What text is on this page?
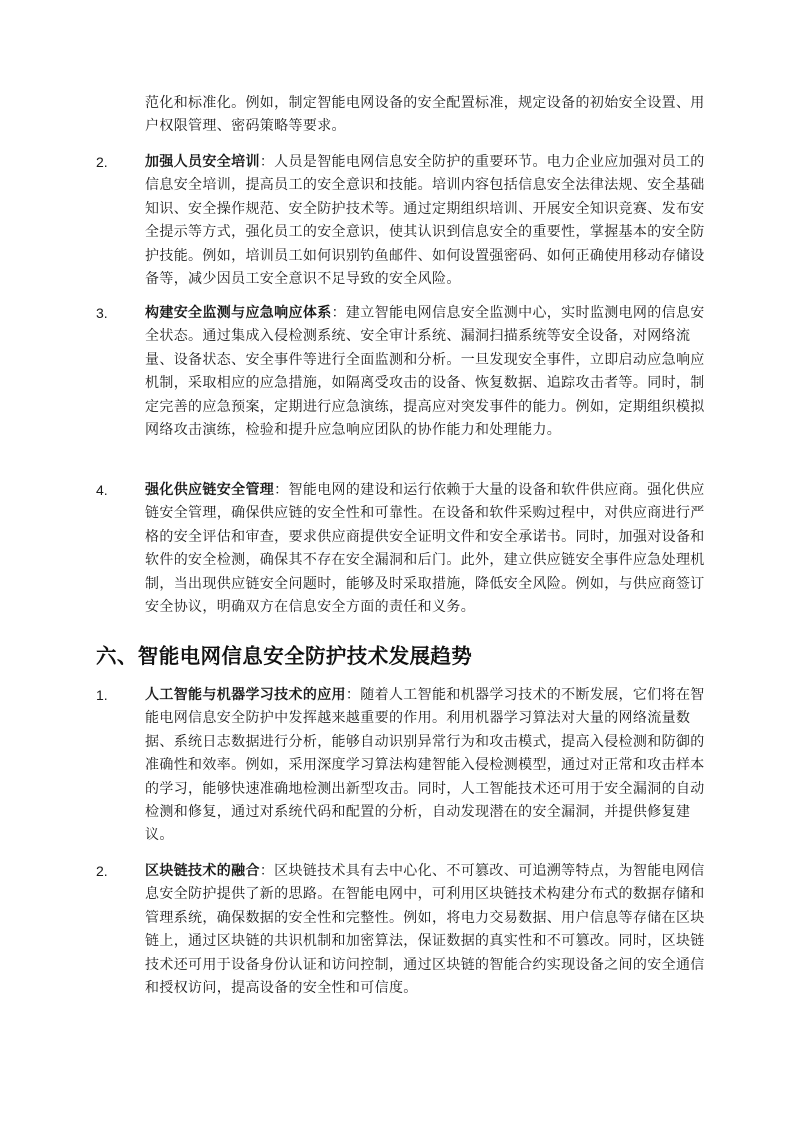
范化和标准化。例如，制定智能电网设备的安全配置标准，规定设备的初始安全设置、用户权限管理、密码策略等要求。

2.	加强人员安全培训：人员是智能电网信息安全防护的重要环节。电力企业应加强对员工的信息安全培训，提高员工的安全意识和技能。培训内容包括信息安全法律法规、安全基础知识、安全操作规范、安全防护技术等。通过定期组织培训、开展安全知识竞赛、发布安全提示等方式，强化员工的安全意识，使其认识到信息安全的重要性，掌握基本的安全防护技能。例如，培训员工如何识别钓鱼邮件、如何设置强密码、如何正确使用移动存储设备等，减少因员工安全意识不足导致的安全风险。

3.	构建安全监测与应急响应体系：建立智能电网信息安全监测中心，实时监测电网的信息安全状态。通过集成入侵检测系统、安全审计系统、漏洞扫描系统等安全设备，对网络流量、设备状态、安全事件等进行全面监测和分析。一旦发现安全事件，立即启动应急响应机制，采取相应的应急措施，如隔离受攻击的设备、恢复数据、追踪攻击者等。同时，制定完善的应急预案，定期进行应急演练，提高应对突发事件的能力。例如，定期组织模拟网络攻击演练，检验和提升应急响应团队的协作能力和处理能力。

4.	强化供应链安全管理：智能电网的建设和运行依赖于大量的设备和软件供应商。强化供应链安全管理，确保供应链的安全性和可靠性。在设备和软件采购过程中，对供应商进行严格的安全评估和审查，要求供应商提供安全证明文件和安全承诺书。同时，加强对设备和软件的安全检测，确保其不存在安全漏洞和后门。此外，建立供应链安全事件应急处理机制，当出现供应链安全问题时，能够及时采取措施，降低安全风险。例如，与供应商签订安全协议，明确双方在信息安全方面的责任和义务。

六、智能电网信息安全防护技术发展趋势
1.	人工智能与机器学习技术的应用：随着人工智能和机器学习技术的不断发展，它们将在智能电网信息安全防护中发挥越来越重要的作用。利用机器学习算法对大量的网络流量数据、系统日志数据进行分析，能够自动识别异常行为和攻击模式，提高入侵检测和防御的准确性和效率。例如，采用深度学习算法构建智能入侵检测模型，通过对正常和攻击样本的学习，能够快速准确地检测出新型攻击。同时，人工智能技术还可用于安全漏洞的自动检测和修复，通过对系统代码和配置的分析，自动发现潜在的安全漏洞，并提供修复建议。

2.	区块链技术的融合：区块链技术具有去中心化、不可篡改、可追溯等特点，为智能电网信息安全防护提供了新的思路。在智能电网中，可利用区块链技术构建分布式的数据存储和管理系统，确保数据的安全性和完整性。例如，将电力交易数据、用户信息等存储在区块链上，通过区块链的共识机制和加密算法，保证数据的真实性和不可篡改。同时，区块链技术还可用于设备身份认证和访问控制，通过区块链的智能合约实现设备之间的安全通信和授权访问，提高设备的安全性和可信度。
